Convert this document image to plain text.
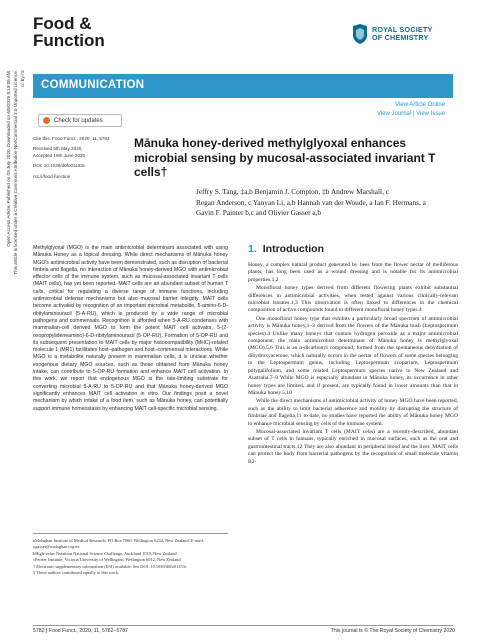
Open Access Article. Published on 03 July 2020. Downloaded on 6/9/2025 5:19:05 AM. This article is licensed under a Creative Commons Attribution-NonCommercial 3.0 Unported Licence. cc by-nc
Food &
Function
ROYAL SOCIETY
OF CHEMISTRY
COMMUNICATION
View Article Online
View Journal | View Issue
Check for updates
Cite this: Food Funct., 2020, 11, 5782
Received 5th May 2020,
Accepted 19th June 2020
DOI: 10.1039/d0fo01153c
rsc.li/food-function
Mānuka honey-derived methylglyoxal enhances microbial sensing by mucosal-associated invariant T cells†
Jeffry S. Tang, ‡a,b Benjamin J. Compton, ‡b Andrew Marshall, c
Regan Anderson, c Yanyan Li, a,b Hannah van der Woude, a Ian F. Hermans, a
Gavin F. Painter b,c and Olivier Gasser a,b

Methylglyoxal (MGO) is the main antimicrobial determinant associated with using Mānuka Honey as a topical dressing. While direct mechanisms of Mānuka honey MGO's antimicrobial activity have been demonstrated, such as disruption of bacterial fimbria and flagella, no interaction of Mānuka honey-derived MGO with antimicrobial effector cells of the immune system, such as mucosal-associated invariant T cells (MAIT cells), has yet been reported. MAIT cells are an abundant subset of human T cells, critical for regulating a diverse range of immune functions, including antimicrobial defense mechanisms but also mucosal barrier integrity. MAIT cells become activated by recognition of an important microbial metabolite, 5-amino-6-D-ribitylaminouracil (5-A-RU), which is produced by a wide range of microbial pathogens and commensals. Recognition is afforded when 5-A-RU condenses with mammalian-cell derived MGO to form the potent MAIT cell activator, 5-(2-oxopropylideneamino)-6-D-ribitylaminouracil (5-OP-RU). Formation of 5-OP-RU and its subsequent presentation to MAIT cells by major histocompatibility (MHC)-related molecule 1 (MR1) facilitates host–pathogen and host–commensal interactions. While MGO is a metabolite naturally present in mammalian cells, it is unclear whether exogenous dietary MGO sources, such as those obtained from Mānuka honey intake, can contribute to 5-OP-RU formation and enhance MAIT cell activation. In this work, we report that endogenous MGO is the rate-limiting substrate for converting microbial 5-A-RU to 5-OP-RU and that Mānuka honey-derived MGO significantly enhances MAIT cell activation in vitro. Our findings posit a novel mechanism by which intake of a food item, such as Mānuka honey, can potentially support immune homeostasis by enhancing MAIT cell-specific microbial sensing.

aMalaghan Institute of Medical Research, PO Box 7060, Wellington 6242, New Zealand. E-mail: ogasser@malaghan.org.nz
bHigh-value Nutrition National Science Challenge, Auckland 1010, New Zealand
cFerrier Institute, Victoria University of Wellington, Wellington 6012, New Zealand
† Electronic supplementary information (ESI) available. See DOI: 10.1039/d0fo01153c
‡ These authors contributed equally to this work.
1. Introduction

Honey, a complex natural product generated by bees from the flower nectar of melliferous plants, has long been used as a wound dressing and is notable for its antimicrobial properties.1,2

Monofloral honey types derived from different flowering plants exhibit substantial differences in antimicrobial activities, when tested against various clinically-relevant microbial isolates.1,3 This observation is often linked to differences in the chemical composition of active compounds found in different monofloral honey types.4

One monofloral honey type that exhibits a particularly broad spectrum of antimicrobial activity is Mānuka honey,1–3 derived from the flowers of the Mānuka bush (Leptospermum species).4 Unlike many honeys that contain hydrogen peroxide as a major antimicrobial component, the main antimicrobial determinant of Mānuka honey is methylglyoxal (MGO).5,6 This is an α-dicarbonyl compound, formed from the spontaneous dehydration of dihydroxyacetone, which naturally occurs in the nectar of flowers of some species belonging to the Leptospermum genus, including Leptospermum scoparium, Leptospermum polygalifolium, and some related Leptospermum species native to New Zealand and Australia.7–9 While MGO is especially abundant in Mānuka honey, its occurrence in other honey types are limited, and if present, are typically found in lower amounts than that in Mānuka honey.5,10

While the direct mechanisms of antimicrobial activity of honey MGO have been reported, such as the ability to limit bacterial adherence and motility by disrupting the structure of fimbriae and flagella,11 to date, no studies have reported the ability of Mānuka honey MGO to enhance microbial sensing by cells of the immune system.

Mucosal-associated invariant T cells (MAIT cells) are a recently-described, abundant subset of T cells in humans, typically enriched in mucosal surfaces, such as the oral and gastrointestinal tracts.12 They are also abundant in peripheral blood and the liver. MAIT cells can protect the body from bacterial pathogens by the recognition of small molecule vitamin B2-

5782 | Food Funct., 2020, 11, 5782–5787	This journal is © The Royal Society of Chemistry 2020
